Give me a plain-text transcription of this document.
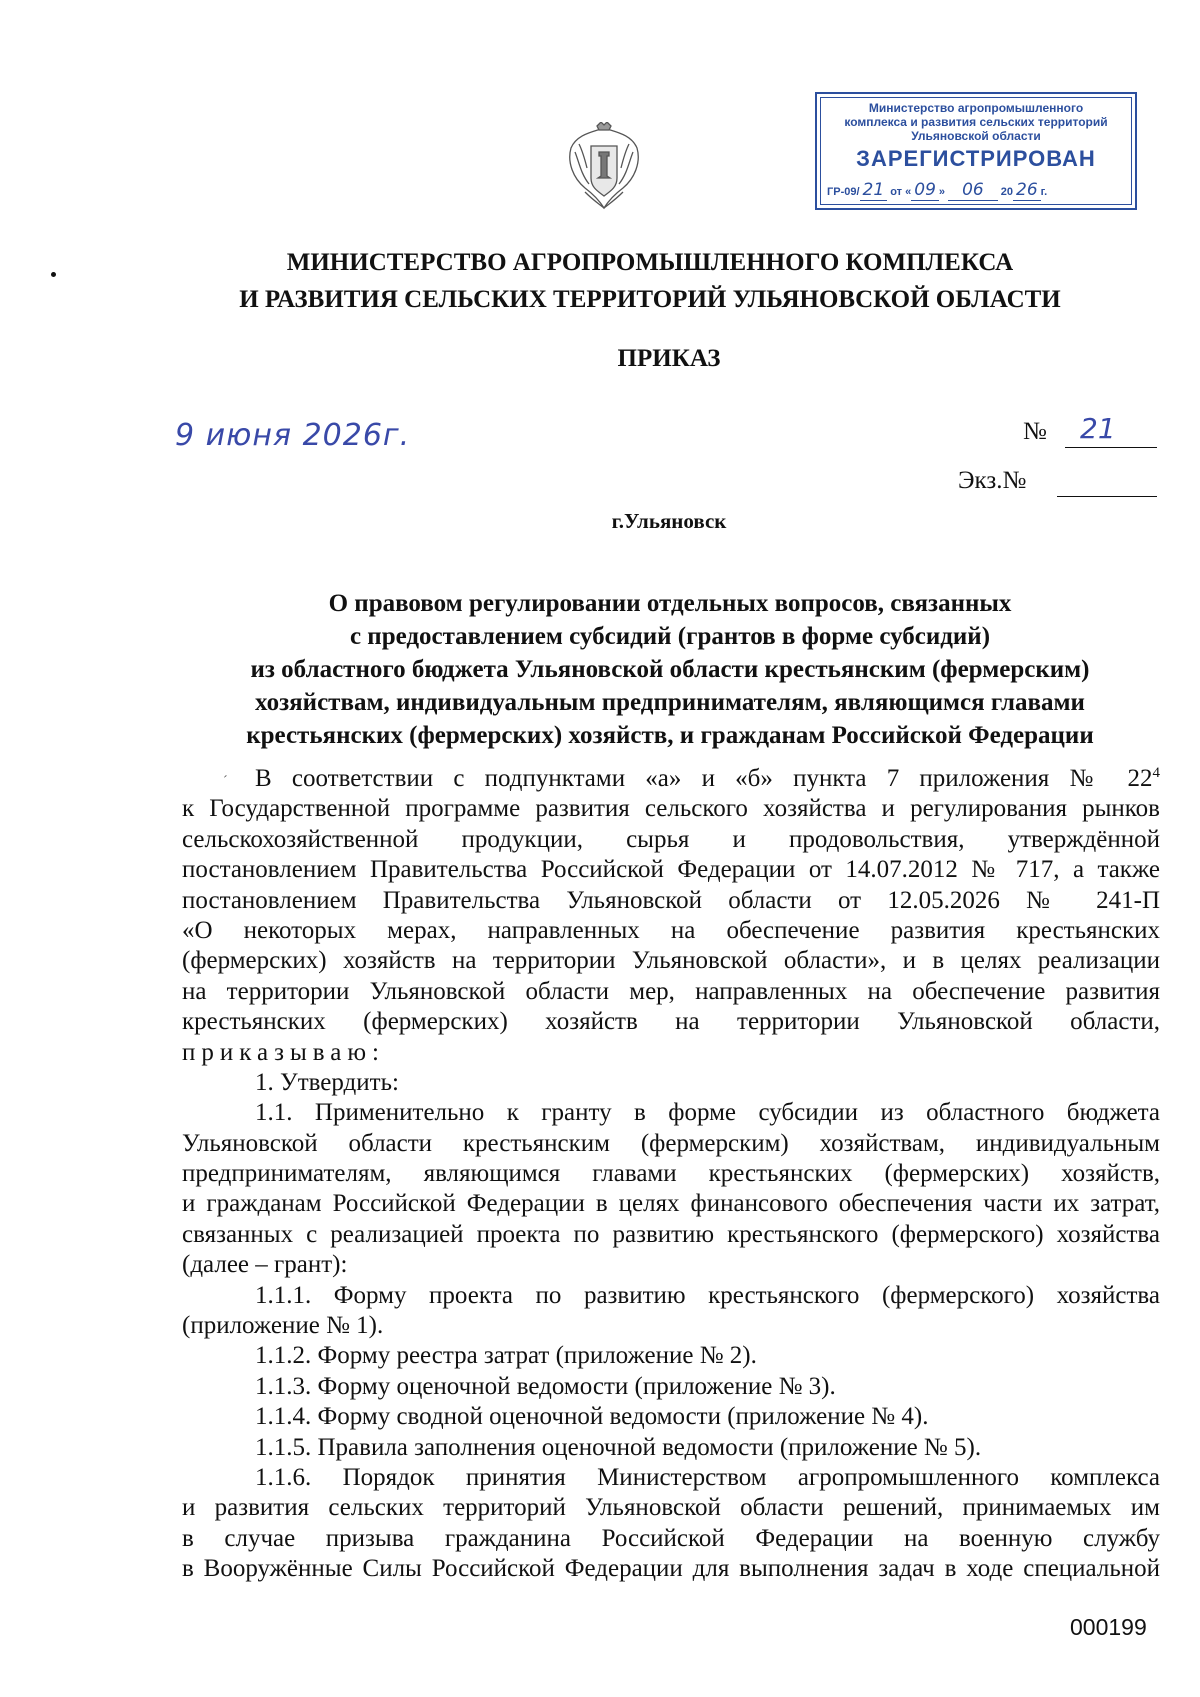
Министерство агропромышленного
комплекса и развития сельских территорий
Ульяновской области
ЗАРЕГИСТРИРОВАН
ГР-09/ 21 от « 09 » 06 20 26 г.
МИНИСТЕРСТВО АГРОПРОМЫШЛЕННОГО КОМПЛЕКСА
И РАЗВИТИЯ СЕЛЬСКИХ ТЕРРИТОРИЙ УЛЬЯНОВСКОЙ ОБЛАСТИ
ПРИКАЗ
9 июня 2026г.	№ 21
Экз.№
г.Ульяновск
О правовом регулировании отдельных вопросов, связанных
с предоставлением субсидий (грантов в форме субсидий)
из областного бюджета Ульяновской области крестьянским (фермерским)
хозяйствам, индивидуальным предпринимателям, являющимся главами
крестьянских (фермерских) хозяйств, и гражданам Российской Федерации
ˊ	В соответствии с подпунктами «а» и «б» пункта 7 приложения № $22^4$
к Государственной программе развития сельского хозяйства и регулирования рынков
сельскохозяйственной продукции, сырья и продовольствия, утверждённой
постановлением Правительства Российской Федерации от 14.07.2012 № 717, а также
постановлением Правительства Ульяновской области от 12.05.2026 № 241-П
«О некоторых мерах, направленных на обеспечение развития крестьянских
(фермерских) хозяйств на территории Ульяновской области», и в целях реализации
на территории Ульяновской области мер, направленных на обеспечение развития
крестьянских (фермерских) хозяйств на территории Ульяновской области,
приказываю:
1. Утвердить:
1.1. Применительно к гранту в форме субсидии из областного бюджета
Ульяновской области крестьянским (фермерским) хозяйствам, индивидуальным
предпринимателям, являющимся главами крестьянских (фермерских) хозяйств,
и гражданам Российской Федерации в целях финансового обеспечения части их затрат,
связанных с реализацией проекта по развитию крестьянского (фермерского) хозяйства
(далее – грант):
1.1.1. Форму проекта по развитию крестьянского (фермерского) хозяйства
(приложение № 1).
1.1.2. Форму реестра затрат (приложение № 2).
1.1.3. Форму оценочной ведомости (приложение № 3).
1.1.4. Форму сводной оценочной ведомости (приложение № 4).
1.1.5. Правила заполнения оценочной ведомости (приложение № 5).
1.1.6. Порядок принятия Министерством агропромышленного комплекса
и развития сельских территорий Ульяновской области решений, принимаемых им
в случае призыва гражданина Российской Федерации на военную службу
в Вооружённые Силы Российской Федерации для выполнения задач в ходе специальной
000199
